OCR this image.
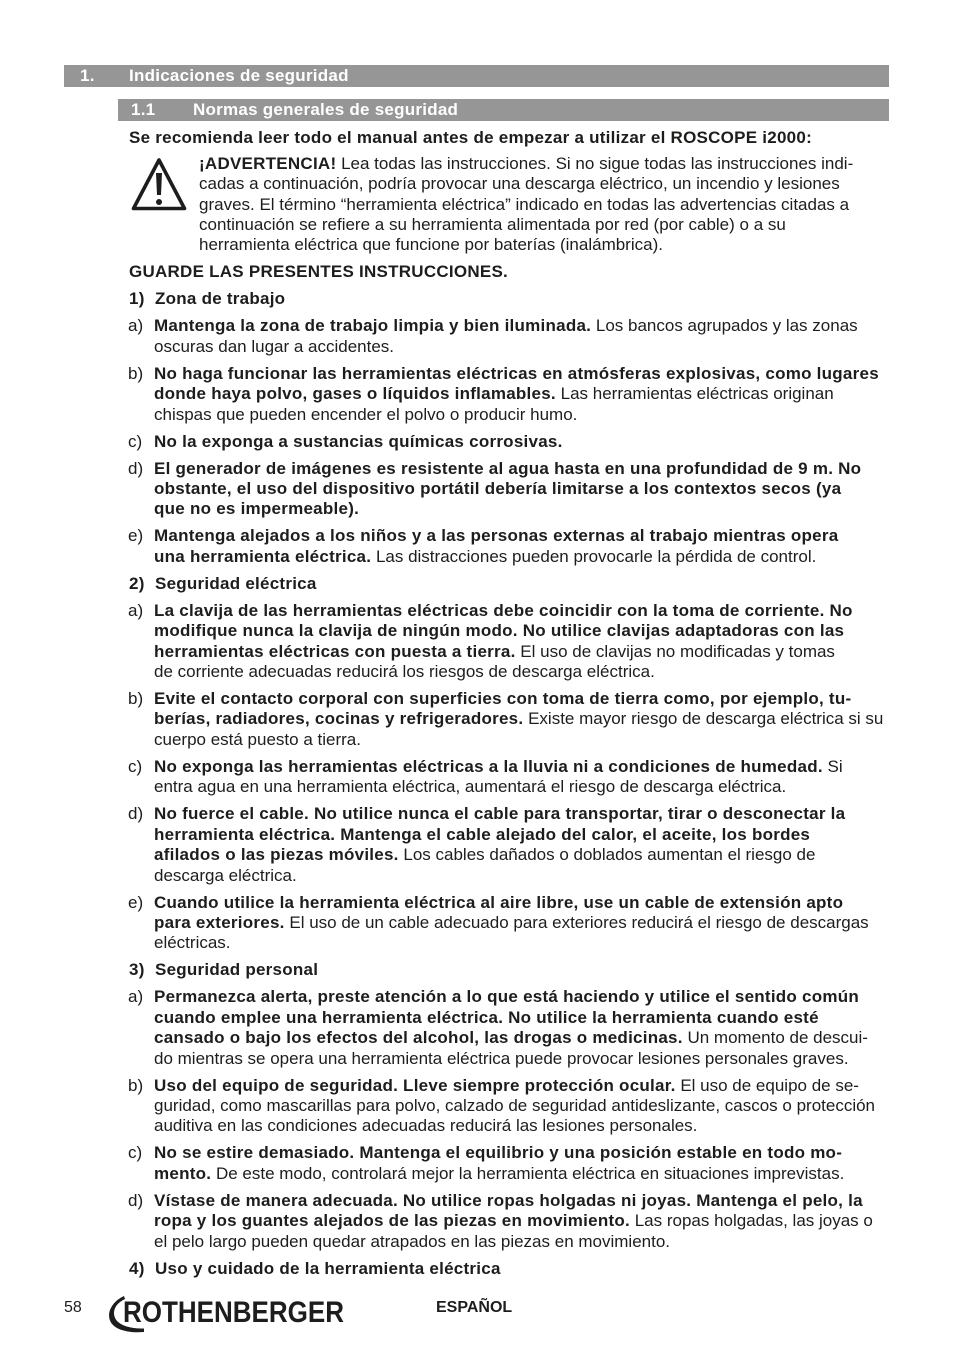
1. Indicaciones de seguridad
1.1 Normas generales de seguridad
Se recomienda leer todo el manual antes de empezar a utilizar el ROSCOPE i2000:
¡ADVERTENCIA! Lea todas las instrucciones. Si no sigue todas las instrucciones indi-
cadas a continuación, podría provocar una descarga eléctrico, un incendio y lesiones
graves. El término “herramienta eléctrica” indicado en todas las advertencias citadas a
continuación se refiere a su herramienta alimentada por red (por cable) o a su
herramienta eléctrica que funcione por baterías (inalámbrica).
GUARDE LAS PRESENTES INSTRUCCIONES.
1) Zona de trabajo
a) Mantenga la zona de trabajo limpia y bien iluminada. Los bancos agrupados y las zonas
oscuras dan lugar a accidentes.
b) No haga funcionar las herramientas eléctricas en atmósferas explosivas, como lugares
donde haya polvo, gases o líquidos inflamables. Las herramientas eléctricas originan
chispas que pueden encender el polvo o producir humo.
c) No la exponga a sustancias químicas corrosivas.
d) El generador de imágenes es resistente al agua hasta en una profundidad de 9 m. No
obstante, el uso del dispositivo portátil debería limitarse a los contextos secos (ya
que no es impermeable).
e) Mantenga alejados a los niños y a las personas externas al trabajo mientras opera
una herramienta eléctrica. Las distracciones pueden provocarle la pérdida de control.
2) Seguridad eléctrica
a) La clavija de las herramientas eléctricas debe coincidir con la toma de corriente. No
modifique nunca la clavija de ningún modo. No utilice clavijas adaptadoras con las
herramientas eléctricas con puesta a tierra. El uso de clavijas no modificadas y tomas
de corriente adecuadas reducirá los riesgos de descarga eléctrica.
b) Evite el contacto corporal con superficies con toma de tierra como, por ejemplo, tu-
berías, radiadores, cocinas y refrigeradores. Existe mayor riesgo de descarga eléctrica si su
cuerpo está puesto a tierra.
c) No exponga las herramientas eléctricas a la lluvia ni a condiciones de humedad. Si
entra agua en una herramienta eléctrica, aumentará el riesgo de descarga eléctrica.
d) No fuerce el cable. No utilice nunca el cable para transportar, tirar o desconectar la
herramienta eléctrica. Mantenga el cable alejado del calor, el aceite, los bordes
afilados o las piezas móviles. Los cables dañados o doblados aumentan el riesgo de
descarga eléctrica.
e) Cuando utilice la herramienta eléctrica al aire libre, use un cable de extensión apto
para exteriores. El uso de un cable adecuado para exteriores reducirá el riesgo de descargas
eléctricas.
3) Seguridad personal
a) Permanezca alerta, preste atención a lo que está haciendo y utilice el sentido común
cuando emplee una herramienta eléctrica. No utilice la herramienta cuando esté
cansado o bajo los efectos del alcohol, las drogas o medicinas. Un momento de descui-
do mientras se opera una herramienta eléctrica puede provocar lesiones personales graves.
b) Uso del equipo de seguridad. Lleve siempre protección ocular. El uso de equipo de se-
guridad, como mascarillas para polvo, calzado de seguridad antideslizante, cascos o protección
auditiva en las condiciones adecuadas reducirá las lesiones personales.
c) No se estire demasiado. Mantenga el equilibrio y una posición estable en todo mo-
mento. De este modo, controlará mejor la herramienta eléctrica en situaciones imprevistas.
d) Vístase de manera adecuada. No utilice ropas holgadas ni joyas. Mantenga el pelo, la
ropa y los guantes alejados de las piezas en movimiento. Las ropas holgadas, las joyas o
el pelo largo pueden quedar atrapados en las piezas en movimiento.
4) Uso y cuidado de la herramienta eléctrica
58 ROTHENBERGER	ESPAÑOL
